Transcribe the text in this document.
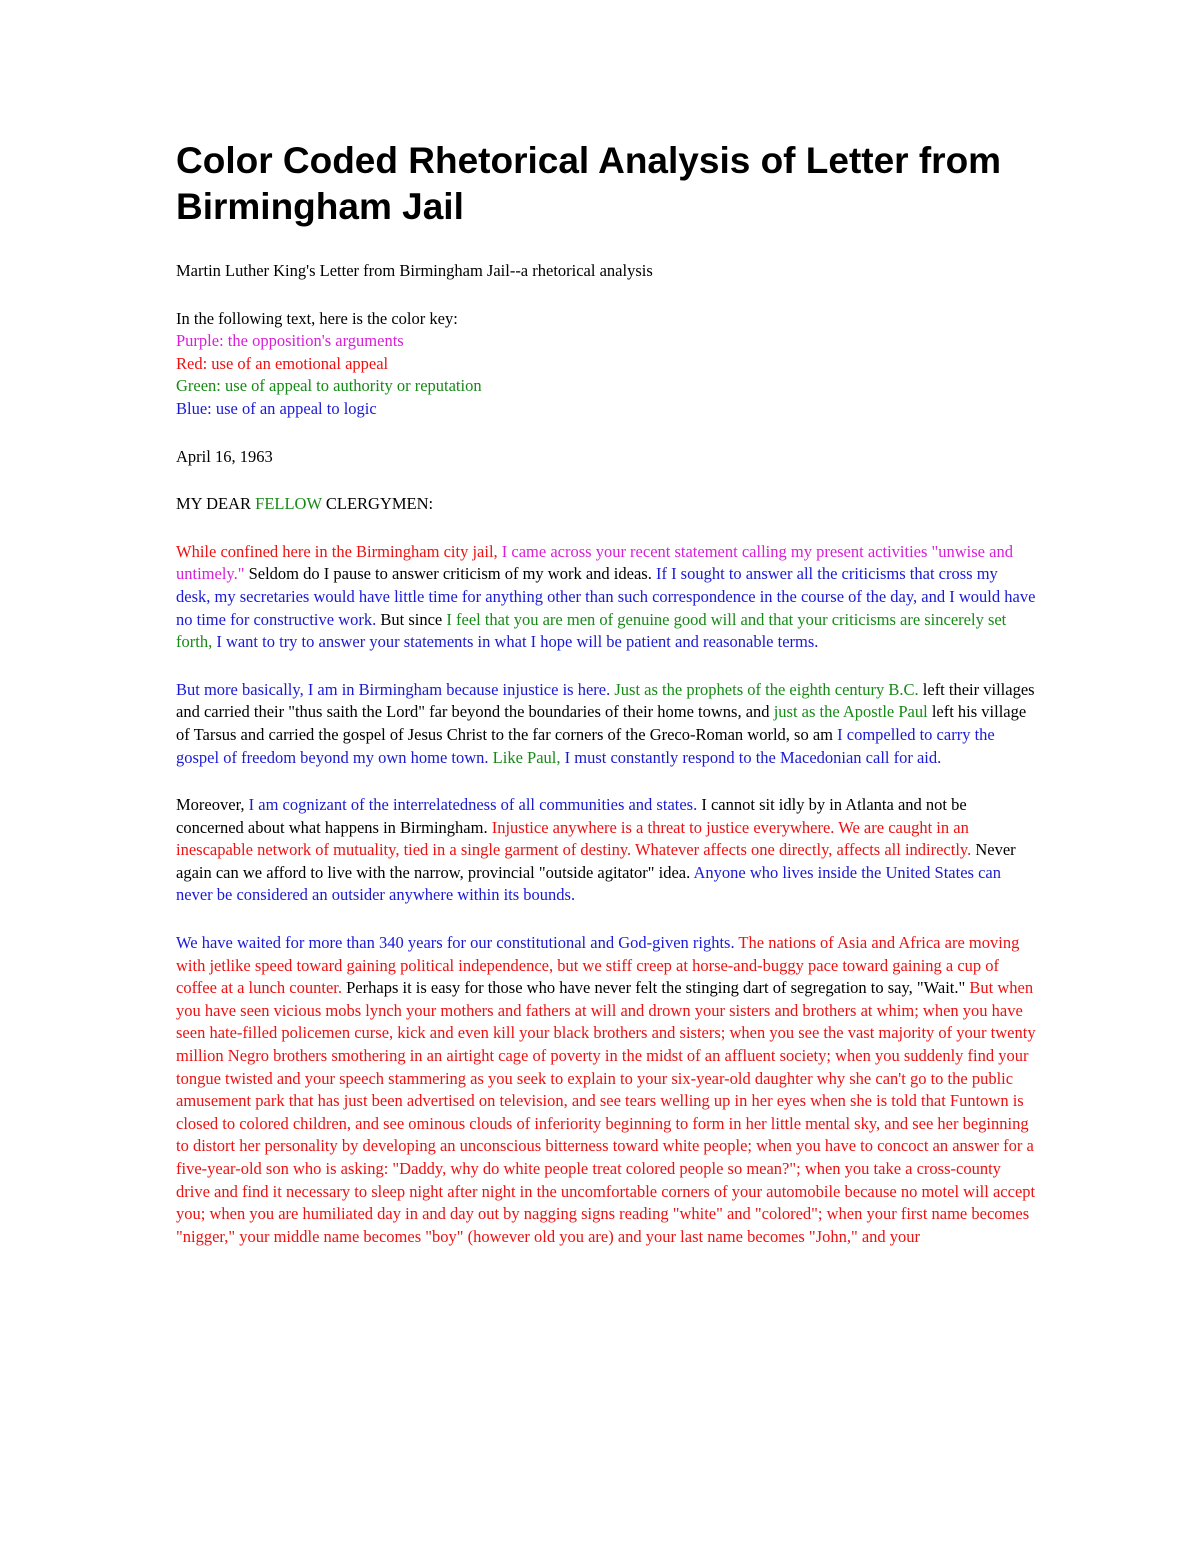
Color Coded Rhetorical Analysis of Letter from Birmingham Jail

Martin Luther King's Letter from Birmingham Jail--a rhetorical analysis

In the following text, here is the color key:

Purple: the opposition's arguments

Red: use of an emotional appeal

Green: use of appeal to authority or reputation

Blue: use of an appeal to logic

April 16, 1963

MY DEAR FELLOW CLERGYMEN:

While confined here in the Birmingham city jail, I came across your recent statement calling my present activities "unwise and untimely." Seldom do I pause to answer criticism of my work and ideas. If I sought to answer all the criticisms that cross my desk, my secretaries would have little time for anything other than such correspondence in the course of the day, and I would have no time for constructive work. But since I feel that you are men of genuine good will and that your criticisms are sincerely set forth, I want to try to answer your statements in what I hope will be patient and reasonable terms.

But more basically, I am in Birmingham because injustice is here. Just as the prophets of the eighth century B.C. left their villages and carried their "thus saith the Lord" far beyond the boundaries of their home towns, and just as the Apostle Paul left his village of Tarsus and carried the gospel of Jesus Christ to the far corners of the Greco-Roman world, so am I compelled to carry the gospel of freedom beyond my own home town. Like Paul, I must constantly respond to the Macedonian call for aid.

Moreover, I am cognizant of the interrelatedness of all communities and states. I cannot sit idly by in Atlanta and not be concerned about what happens in Birmingham. Injustice anywhere is a threat to justice everywhere. We are caught in an inescapable network of mutuality, tied in a single garment of destiny. Whatever affects one directly, affects all indirectly. Never again can we afford to live with the narrow, provincial "outside agitator" idea. Anyone who lives inside the United States can never be considered an outsider anywhere within its bounds.

We have waited for more than 340 years for our constitutional and God-given rights. The nations of Asia and Africa are moving with jetlike speed toward gaining political independence, but we stiff creep at horse-and-buggy pace toward gaining a cup of coffee at a lunch counter. Perhaps it is easy for those who have never felt the stinging dart of segregation to say, "Wait." But when you have seen vicious mobs lynch your mothers and fathers at will and drown your sisters and brothers at whim; when you have seen hate-filled policemen curse, kick and even kill your black brothers and sisters; when you see the vast majority of your twenty million Negro brothers smothering in an airtight cage of poverty in the midst of an affluent society; when you suddenly find your tongue twisted and your speech stammering as you seek to explain to your six-year-old daughter why she can't go to the public amusement park that has just been advertised on television, and see tears welling up in her eyes when she is told that Funtown is closed to colored children, and see ominous clouds of inferiority beginning to form in her little mental sky, and see her beginning to distort her personality by developing an unconscious bitterness toward white people; when you have to concoct an answer for a five-year-old son who is asking: "Daddy, why do white people treat colored people so mean?"; when you take a cross-county drive and find it necessary to sleep night after night in the uncomfortable corners of your automobile because no motel will accept you; when you are humiliated day in and day out by nagging signs reading "white" and "colored"; when your first name becomes "nigger," your middle name becomes "boy" (however old you are) and your last name becomes "John," and your
